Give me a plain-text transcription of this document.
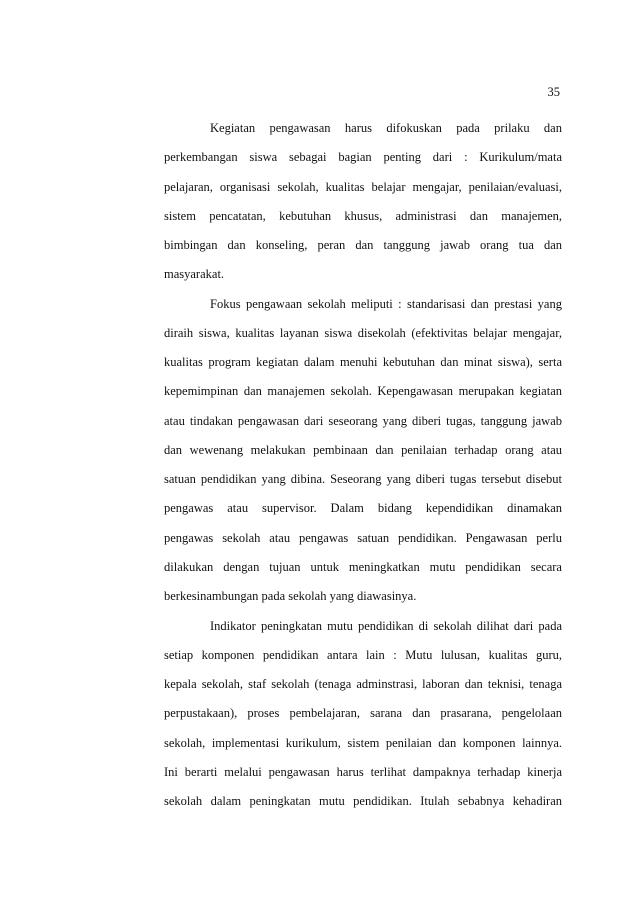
35
Kegiatan pengawasan harus difokuskan pada prilaku dan
perkembangan siswa sebagai bagian penting dari : Kurikulum/mata
pelajaran, organisasi sekolah, kualitas belajar mengajar, penilaian/evaluasi,
sistem pencatatan, kebutuhan khusus, administrasi dan manajemen,
bimbingan dan konseling, peran dan tanggung jawab orang tua dan
masyarakat.
Fokus pengawaan sekolah meliputi : standarisasi dan prestasi yang
diraih siswa, kualitas layanan siswa disekolah (efektivitas belajar mengajar,
kualitas program kegiatan dalam menuhi kebutuhan dan minat siswa), serta
kepemimpinan dan manajemen sekolah. Kepengawasan merupakan kegiatan
atau tindakan pengawasan dari seseorang yang diberi tugas, tanggung jawab
dan wewenang melakukan pembinaan dan penilaian terhadap orang atau
satuan pendidikan yang dibina. Seseorang yang diberi tugas tersebut disebut
pengawas atau supervisor. Dalam bidang kependidikan dinamakan
pengawas sekolah atau pengawas satuan pendidikan. Pengawasan perlu
dilakukan dengan tujuan untuk meningkatkan mutu pendidikan secara
berkesinambungan pada sekolah yang diawasinya.
Indikator peningkatan mutu pendidikan di sekolah dilihat dari pada
setiap komponen pendidikan antara lain : Mutu lulusan, kualitas guru,
kepala sekolah, staf sekolah (tenaga adminstrasi, laboran dan teknisi, tenaga
perpustakaan), proses pembelajaran, sarana dan prasarana, pengelolaan
sekolah, implementasi kurikulum, sistem penilaian dan komponen lainnya.
Ini berarti melalui pengawasan harus terlihat dampaknya terhadap kinerja
sekolah dalam peningkatan mutu pendidikan. Itulah sebabnya kehadiran
